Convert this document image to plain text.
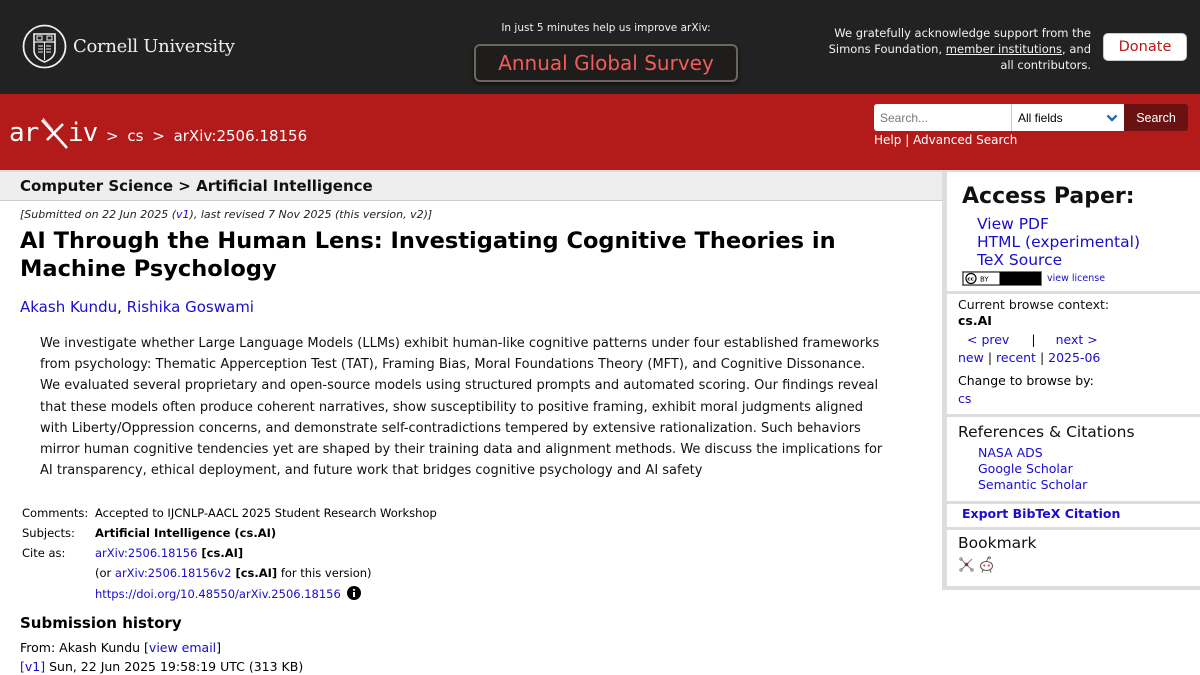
Cornell University
In just 5 minutes help us improve arXiv:
Annual Global Survey
We gratefully acknowledge support from the
Simons Foundation, member institutions, and
all contributors.
Donate
ar iv > cs > arXiv:2506.18156
Search...
All fields	Search
Help | Advanced Search
Computer Science > Artificial Intelligence
[Submitted on 22 Jun 2025 (v1), last revised 7 Nov 2025 (this version, v2)]
AI Through the Human Lens: Investigating Cognitive Theories in Machine Psychology
Akash Kundu, Rishika Goswami
We investigate whether Large Language Models (LLMs) exhibit human-like cognitive patterns under four established frameworks
from psychology: Thematic Apperception Test (TAT), Framing Bias, Moral Foundations Theory (MFT), and Cognitive Dissonance.
We evaluated several proprietary and open-source models using structured prompts and automated scoring. Our findings reveal
that these models often produce coherent narratives, show susceptibility to positive framing, exhibit moral judgments aligned
with Liberty/Oppression concerns, and demonstrate self-contradictions tempered by extensive rationalization. Such behaviors
mirror human cognitive tendencies yet are shaped by their training data and alignment methods. We discuss the implications for
AI transparency, ethical deployment, and future work that bridges cognitive psychology and AI safety
Comments: Accepted to IJCNLP-AACL 2025 Student Research Workshop
Subjects:	Artificial Intelligence (cs.AI)
Cite as:	arXiv:2506.18156 [cs.AI]
(or arXiv:2506.18156v2 [cs.AI] for this version)
https://doi.org/10.48550/arXiv.2506.18156
Submission history
From: Akash Kundu [view email]
[v1] Sun, 22 Jun 2025 19:58:19 UTC (313 KB)
Access Paper:
View PDF
HTML (experimental)
TeX Source
cc BY	view license
Current browse context:
cs.AI
< prev | next >
new | recent | 2025-06
Change to browse by:
cs
References & Citations
NASA ADS
Google Scholar
Semantic Scholar
Export BibTeX Citation
Bookmark
